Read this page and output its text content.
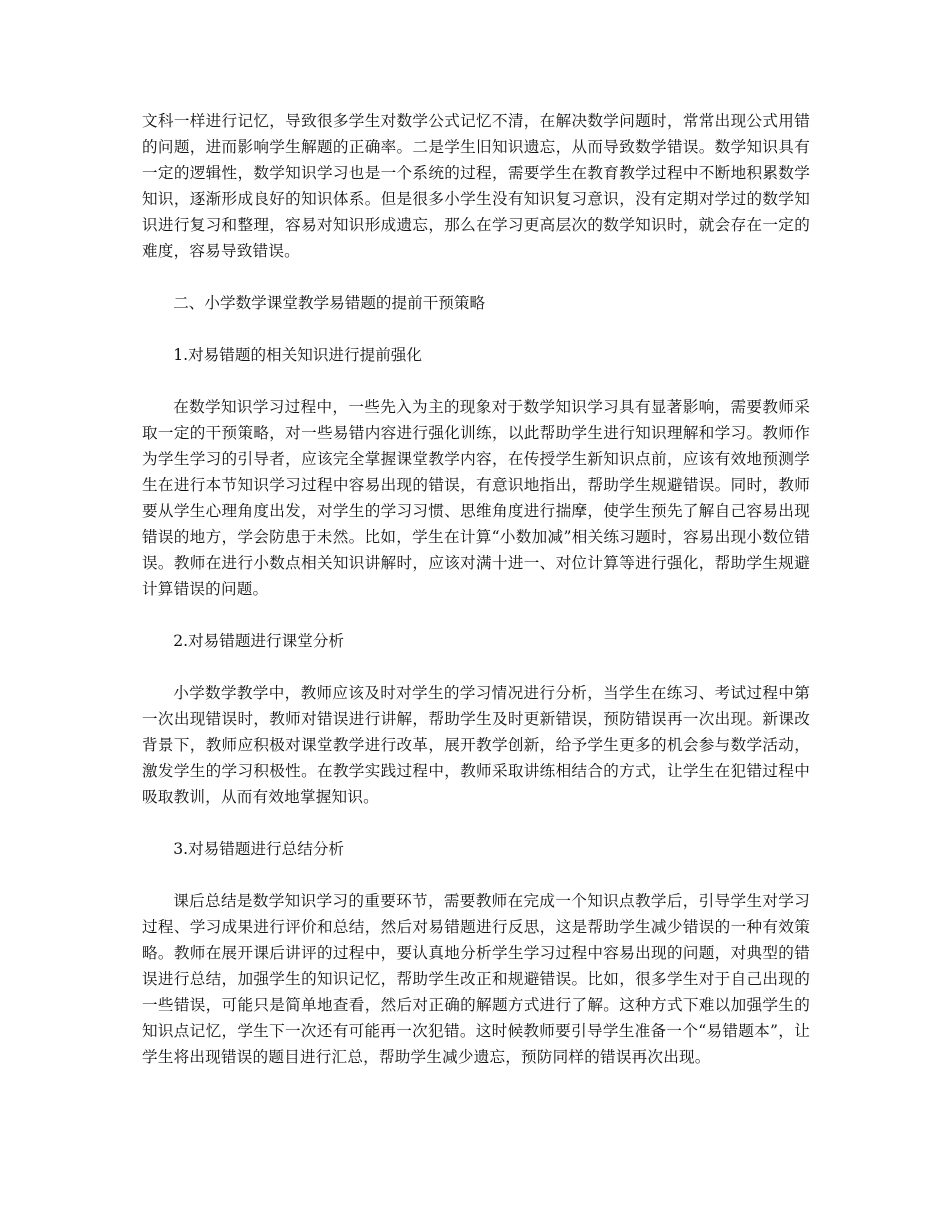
文科一样进行记忆，导致很多学生对数学公式记忆不清，在解决数学问题时，常常出现公式用错的问题，进而影响学生解题的正确率。二是学生旧知识遗忘，从而导致数学错误。数学知识具有一定的逻辑性，数学知识学习也是一个系统的过程，需要学生在教育教学过程中不断地积累数学知识，逐渐形成良好的知识体系。但是很多小学生没有知识复习意识，没有定期对学过的数学知识进行复习和整理，容易对知识形成遗忘，那么在学习更高层次的数学知识时，就会存在一定的难度，容易导致错误。

二、小学数学课堂教学易错题的提前干预策略

1.对易错题的相关知识进行提前强化

在数学知识学习过程中，一些先入为主的现象对于数学知识学习具有显著影响，需要教师采取一定的干预策略，对一些易错内容进行强化训练，以此帮助学生进行知识理解和学习。教师作为学生学习的引导者，应该完全掌握课堂教学内容，在传授学生新知识点前，应该有效地预测学生在进行本节知识学习过程中容易出现的错误，有意识地指出，帮助学生规避错误。同时，教师要从学生心理角度出发，对学生的学习习惯、思维角度进行揣摩，使学生预先了解自己容易出现错误的地方，学会防患于未然。比如，学生在计算“小数加减”相关练习题时，容易出现小数位错误。教师在进行小数点相关知识讲解时，应该对满十进一、对位计算等进行强化，帮助学生规避计算错误的问题。

2.对易错题进行课堂分析

小学数学教学中，教师应该及时对学生的学习情况进行分析，当学生在练习、考试过程中第一次出现错误时，教师对错误进行讲解，帮助学生及时更新错误，预防错误再一次出现。新课改背景下，教师应积极对课堂教学进行改革，展开教学创新，给予学生更多的机会参与数学活动，激发学生的学习积极性。在教学实践过程中，教师采取讲练相结合的方式，让学生在犯错过程中吸取教训，从而有效地掌握知识。

3.对易错题进行总结分析

课后总结是数学知识学习的重要环节，需要教师在完成一个知识点教学后，引导学生对学习过程、学习成果进行评价和总结，然后对易错题进行反思，这是帮助学生减少错误的一种有效策略。教师在展开课后讲评的过程中，要认真地分析学生学习过程中容易出现的问题，对典型的错误进行总结，加强学生的知识记忆，帮助学生改正和规避错误。比如，很多学生对于自己出现的一些错误，可能只是简单地查看，然后对正确的解题方式进行了解。这种方式下难以加强学生的知识点记忆，学生下一次还有可能再一次犯错。这时候教师要引导学生准备一个“易错题本”，让学生将出现错误的题目进行汇总，帮助学生减少遗忘，预防同样的错误再次出现。
